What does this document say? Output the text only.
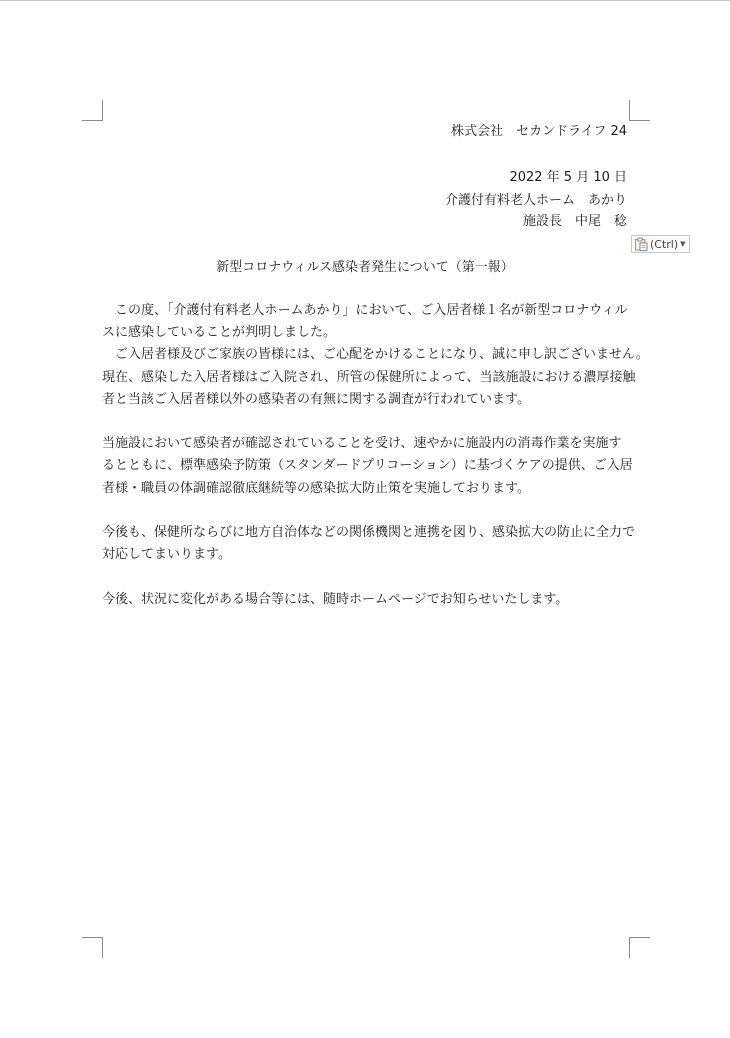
株式会社　セカンドライフ 24
2022 年 5 月 10 日
介護付有料老人ホーム　あかり
施設長　中尾　稔
(Ctrl) ▼
新型コロナウィルス感染者発生について（第一報）
　この度、「介護付有料老人ホームあかり」において、ご入居者様１名が新型コロナウィル
スに感染していることが判明しました。
　ご入居者様及びご家族の皆様には、ご心配をかけることになり、誠に申し訳ございません。
現在、感染した入居者様はご入院され、所管の保健所によって、当該施設における濃厚接触
者と当該ご入居者様以外の感染者の有無に関する調査が行われています。
当施設において感染者が確認されていることを受け、速やかに施設内の消毒作業を実施す
るとともに、標準感染予防策（スタンダードプリコーション）に基づくケアの提供、ご入居
者様・職員の体調確認徹底継続等の感染拡大防止策を実施しております。
今後も、保健所ならびに地方自治体などの関係機関と連携を図り、感染拡大の防止に全力で
対応してまいります。
今後、状況に変化がある場合等には、随時ホームページでお知らせいたします。
